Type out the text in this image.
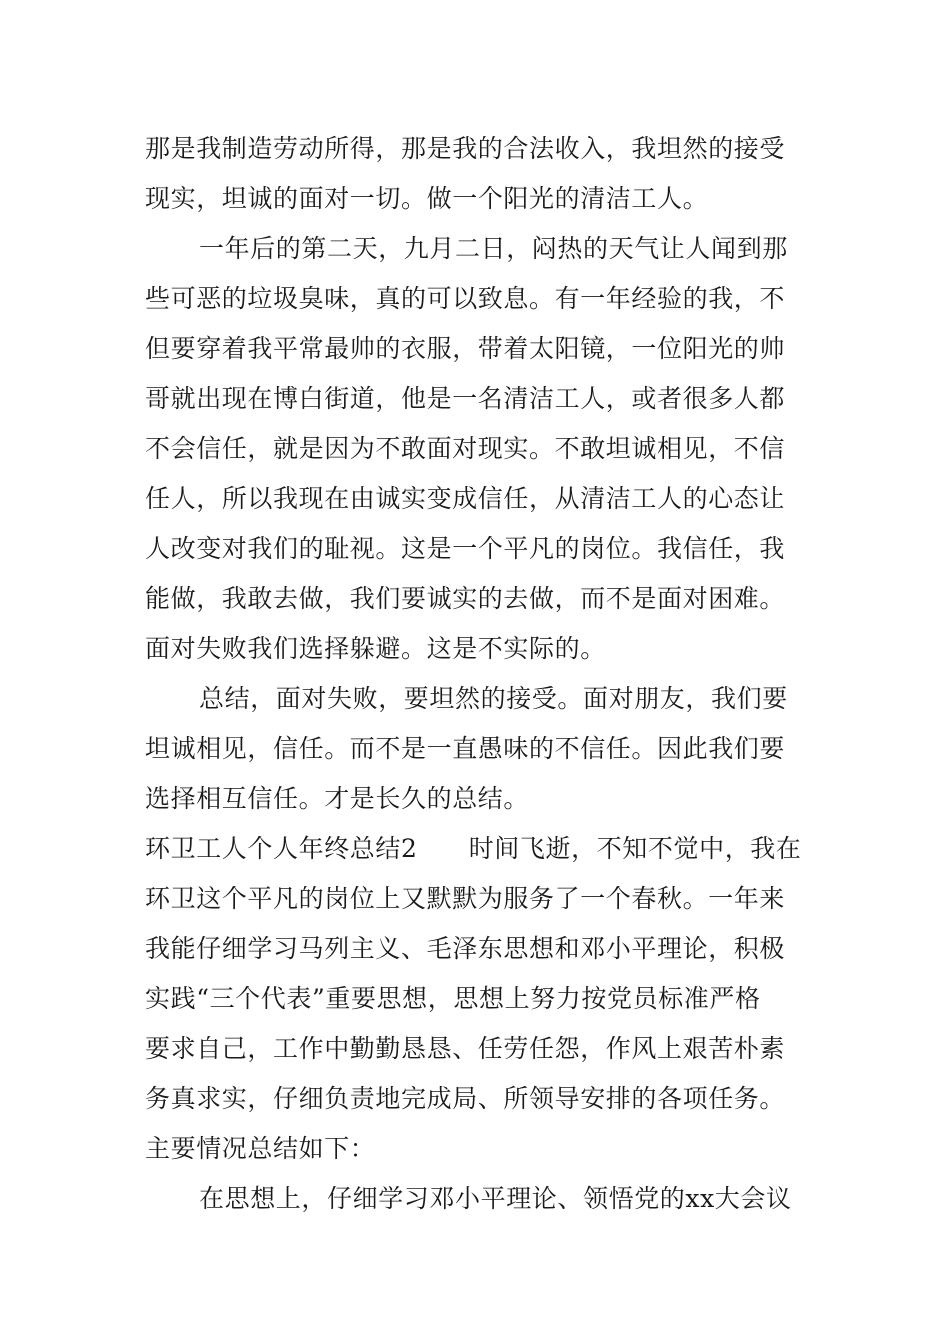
那是我制造劳动所得，那是我的合法收入，我坦然的接受
现实，坦诚的面对一切。做一个阳光的清洁工人。
一年后的第二天，九月二日，闷热的天气让人闻到那
些可恶的垃圾臭味，真的可以致息。有一年经验的我，不
但要穿着我平常最帅的衣服，带着太阳镜，一位阳光的帅
哥就出现在博白街道，他是一名清洁工人，或者很多人都
不会信任，就是因为不敢面对现实。不敢坦诚相见，不信
任人，所以我现在由诚实变成信任，从清洁工人的心态让
人改变对我们的耻视。这是一个平凡的岗位。我信任，我
能做，我敢去做，我们要诚实的去做，而不是面对困难。
面对失败我们选择躲避。这是不实际的。
总结，面对失败，要坦然的接受。面对朋友，我们要
坦诚相见，信任。而不是一直愚味的不信任。因此我们要
选择相互信任。才是长久的总结。
环卫工人个人年终总结2　　时间飞逝，不知不觉中，我在
环卫这个平凡的岗位上又默默为服务了一个春秋。一年来
我能仔细学习马列主义、毛泽东思想和邓小平理论，积极
实践“三个代表”重要思想，思想上努力按党员标准严格
要求自己，工作中勤勤恳恳、任劳任怨，作风上艰苦朴素
务真求实，仔细负责地完成局、所领导安排的各项任务。
主要情况总结如下：
在思想上，仔细学习邓小平理论、领悟党的xx大会议
